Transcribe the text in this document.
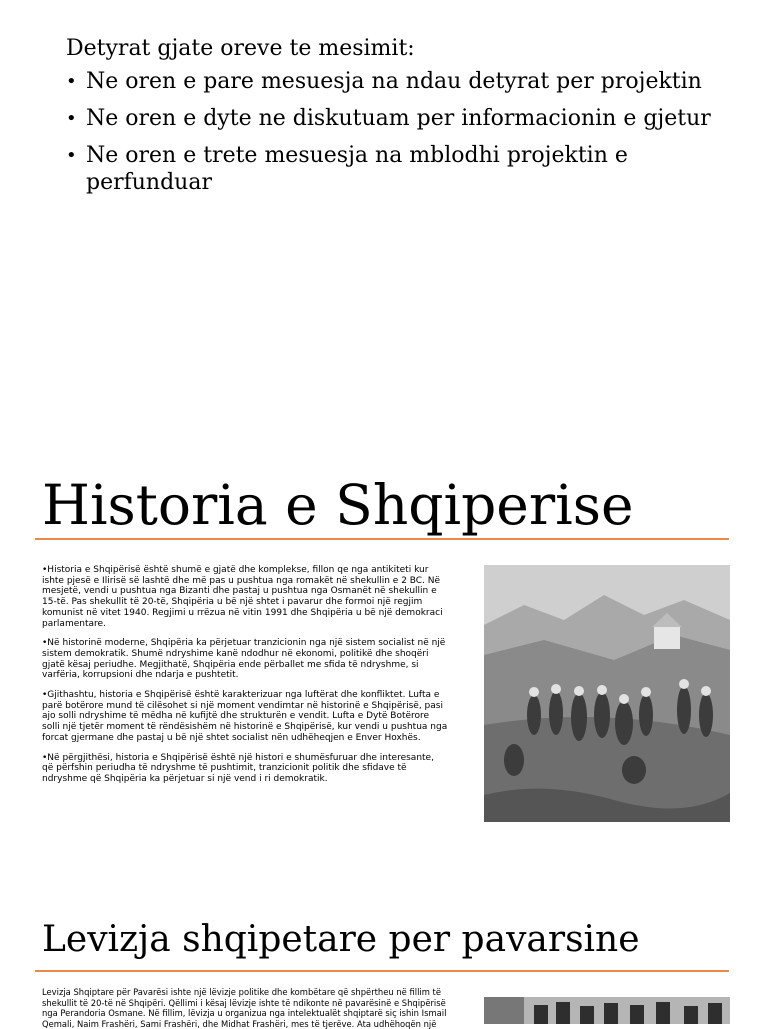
Detyrat gjate oreve te mesimit:
• Ne oren e pare mesuesja na ndau detyrat per projektin
• Ne oren e dyte ne diskutuam per informacionin e gjetur
• Ne oren e trete mesuesja na mblodhi projektin e perfunduar
Historia e Shqiperise

•Historia e Shqipërisë është shumë e gjatë dhe komplekse, fillon qe nga antikiteti kur ishte pjesë e Ilirisë së lashtë dhe më pas u pushtua nga romakët në shekullin e 2 BC. Në mesjetë, vendi u pushtua nga Bizanti dhe pastaj u pushtua nga Osmanët në shekullin e 15-të. Pas shekullit të 20-të, Shqipëria u bë një shtet i pavarur dhe formoi një regjim komunist në vitet 1940. Regjimi u rrëzua në vitin 1991 dhe Shqipëria u bë një demokraci parlamentare.

•Në historinë moderne, Shqipëria ka përjetuar tranzicionin nga një sistem socialist në një sistem demokratik. Shumë ndryshime kanë ndodhur në ekonomi, politikë dhe shoqëri gjatë kësaj periudhe. Megjithatë, Shqipëria ende përballet me sfida të ndryshme, si varfëria, korrupsioni dhe ndarja e pushtetit.

•Gjithashtu, historia e Shqipërisë është karakterizuar nga luftërat dhe konfliktet. Lufta e parë botërore mund të cilësohet si një moment vendimtar në historinë e Shqipërisë, pasi ajo solli ndryshime të mëdha në kufijtë dhe strukturën e vendit. Lufta e Dytë Botërore solli një tjetër moment të rëndësishëm në historinë e Shqipërisë, kur vendi u pushtua nga forcat gjermane dhe pastaj u bë një shtet socialist nën udhëheqjen e Enver Hoxhës.

•Në përgjithësi, historia e Shqipërisë është një histori e shumësfuruar dhe interesante, që përfshin periudha të ndryshme të pushtimit, tranzicionit politik dhe sfidave të ndryshme që Shqipëria ka përjetuar si një vend i ri demokratik.

Levizja shqipetare per pavarsine

Levizja Shqiptare për Pavarësi ishte një lëvizje politike dhe kombëtare që shpërtheu në fillim të shekullit të 20-të në Shqipëri. Qëllimi i kësaj lëvizje ishte të ndikonte në pavarësinë e Shqipërisë nga Perandoria Osmane. Në fillim, lëvizja u organizua nga intelektualët shqiptarë siç ishin Ismail Qemali, Naim Frashëri, Sami Frashëri, dhe Midhat Frashëri, mes të tjerëve. Ata udhëhoqën një
